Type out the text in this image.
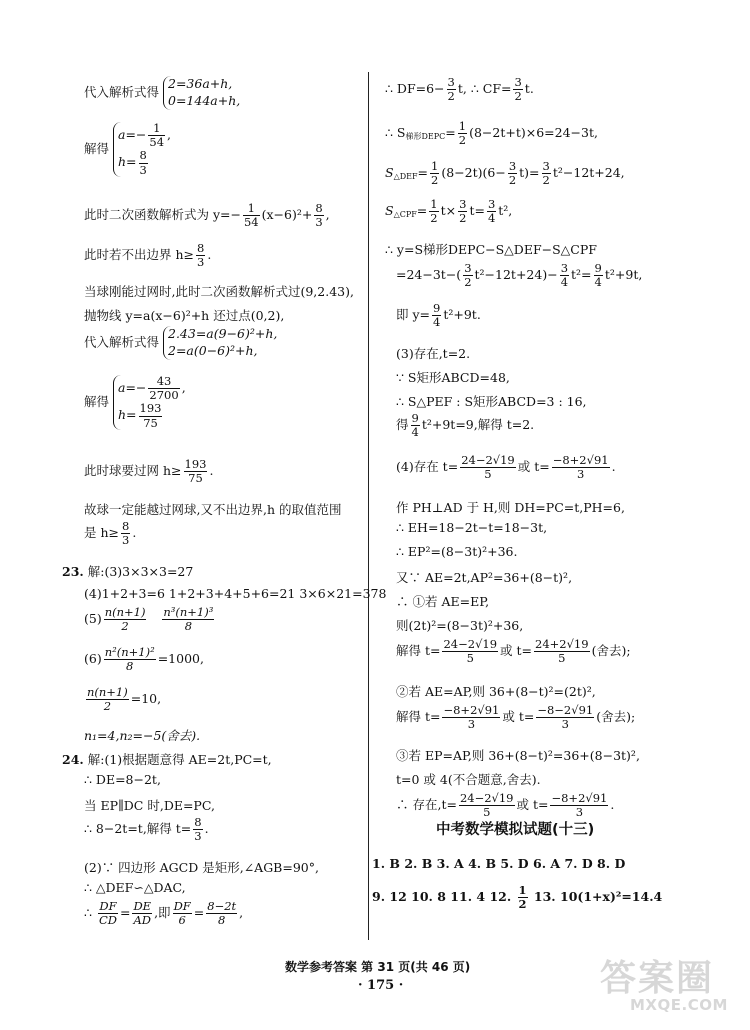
代入解析式得
2=36a+h,
0=144a+h,
解得
$a=- \frac{1}{54}$ ,
$h= \frac{8}{3}$
此时二次函数解析式为 $y=- \frac{1}{54} (x-6)^2+ \frac{8}{3}$ ,
此时若不出边界 $h\ge \frac{8}{3}$ .
当球刚能过网时,此时二次函数解析式过(9,2.43),
抛物线 y=a(x−6)²+h 还过点(0,2),
代入解析式得
2.43=a(9−6)²+h,
2=a(0−6)²+h,
解得
$a=- \frac{43}{2700}$ ,
$h= \frac{193}{75}$
此时球要过网 $h\ge \frac{193}{75}$ .
故球一定能越过网球,又不出边界,h 的取值范围
是 $h\ge \frac{8}{3}$ .
23. 解:(3)3×3×3=27
(4)1+2+3=6 1+2+3+4+5+6=21 3×6×21=378
$(5) \frac{n(n+1)}{2}$
$\frac{\text{n³(n+1)³}}{8}$
$(6) \frac{\text{n²(n+1)²}}{8} =1000$,
$\frac{n(n+1)}{2} =10$,
n₁=4,n₂=−5(舍去).
24. 解:(1)根据题意得 AE=2t,PC=t,
∴ DE=8−2t,
当 EP∥DC 时,DE=PC,
∴ 8−2t=t,解得 $t= \frac{8}{3}$ .
(2)∵ 四边形 AGCD 是矩形,∠AGB=90°,
∴ △DEF∽△DAC,
∴ $\frac{DF}{CD} = \frac{DE}{AD}$ ,即 $\frac{DF}{6} = \frac{8-2t}{8}$ ,
∴ $DF=6- \frac{3}{2} t$, ∴ $CF= \frac{3}{2} t$.
∴ $S_{梯形DEPC}= \frac{1}{2} (8-2t+t)\times 6=24-3t$,
$S_{\triangle DEF}= \frac{1}{2} (8-2t)(6- \frac{3}{2} t)= \frac{3}{2} t^2-12t+24$,
$S_{\triangle CPF}= \frac{1}{2} t\times \frac{3}{2} t= \frac{3}{4} t^2$,
∴ y=S梯形DEPC−S△DEF−S△CPF
$=24-3t-( \frac{3}{2} t^2-12t+24)- \frac{3}{4} t^2= \frac{9}{4} t^2+9t$,
即 $y= \frac{9}{4} t^2+9t$.
(3)存在,t=2.
∵ S矩形ABCD=48,
∴ S△PEF : S矩形ABCD=3 : 16,
得 $\frac{9}{4} t^2+9t=9$,解得 t=2.
(4)存在 $t= \frac{24-2√19}{5}$ 或 $t= \frac{-8+2√91}{3}$ .
作 PH⊥AD 于 H,则 DH=PC=t,PH=6,
∴ EH=18−2t−t=18−3t,
∴ EP²=(8−3t)²+36.
又∵ AE=2t,AP²=36+(8−t)²,
∴ ①若 AE=EP,
则(2t)²=(8−3t)²+36,
解得 $t= \frac{24-2√19}{5}$ 或 $t= \frac{24+2√19}{5}$ (舍去);
②若 AE=AP,则 36+(8−t)²=(2t)²,
解得 $t= \frac{-8+2√91}{3}$ 或 $t= \frac{-8-2√91}{3}$ (舍去);
③若 EP=AP,则 36+(8−t)²=36+(8−3t)²,
t=0 或 4(不合题意,舍去).
∴ 存在$,t= \frac{24-2√19}{5}$ 或 $t= \frac{-8+2√91}{3}$ .
中考数学模拟试题(十三)
1. B 2. B 3. A 4. B 5. D 6. A 7. D 8. D
9. 12 10. 8 11. 4 12. $\frac{1}{2} 13$. 10(1+x)²=14.4
数学参考答案 第 31 页(共 46 页)
· 175 ·	答案圈
MXQE.COM
